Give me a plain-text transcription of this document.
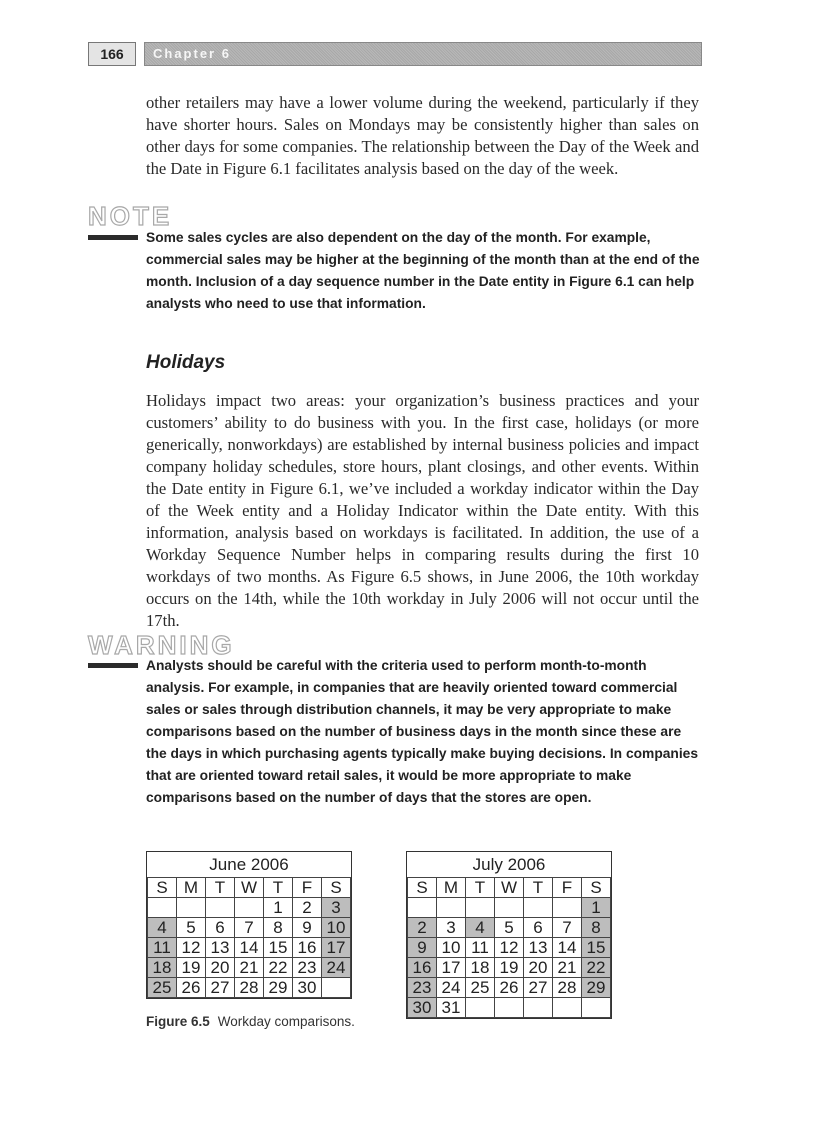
166	Chapter 6

other retailers may have a lower volume during the weekend, particularly if they have shorter hours. Sales on Mondays may be consistently higher than sales on other days for some companies. The relationship between the Day of the Week and the Date in Figure 6.1 facilitates analysis based on the day of the week.

NOTE

Some sales cycles are also dependent on the day of the month. For example, commercial sales may be higher at the beginning of the month than at the end of the month. Inclusion of a day sequence number in the Date entity in Figure 6.1 can help analysts who need to use that information.

Holidays

Holidays impact two areas: your organization’s business practices and your customers’ ability to do business with you. In the first case, holidays (or more generically, nonworkdays) are established by internal business policies and impact company holiday schedules, store hours, plant closings, and other events. Within the Date entity in Figure 6.1, we’ve included a workday indicator within the Day of the Week entity and a Holiday Indicator within the Date entity. With this information, analysis based on workdays is facilitated. In addition, the use of a Workday Sequence Number helps in comparing results during the first 10 workdays of two months. As Figure 6.5 shows, in June 2006, the 10th workday occurs on the 14th, while the 10th workday in July 2006 will not occur until the 17th.

WARNING

Analysts should be careful with the criteria used to perform month-to-month analysis. For example, in companies that are heavily oriented toward commercial sales or sales through distribution channels, it may be very appropriate to make comparisons based on the number of business days in the month since these are the days in which purchasing agents typically make buying decisions. In companies that are oriented toward retail sales, it would be more appropriate to make comparisons based on the number of days that the stores are open.

June 2006						
S	M	T	W	T	F	S
				1	2	3
4	5	6	7	8	9	10
11	12	13	14	15	16	17
18	19	20	21	22	23	24
25	26	27	28	29	30	
July 2006						
S	M	T	W	T	F	S
						1
2	3	4	5	6	7	8
9	10	11	12	13	14	15
16	17	18	19	20	21	22
23	24	25	26	27	28	29
30	31					

Figure 6.5 Workday comparisons.
